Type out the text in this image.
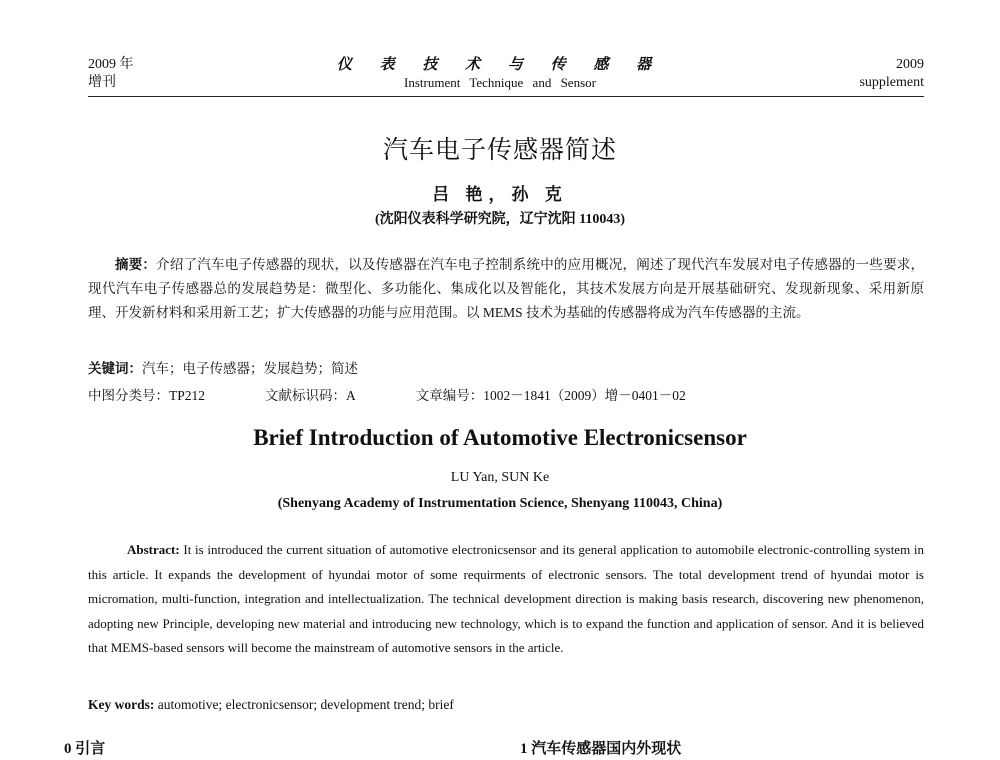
2009 年
增刊
仪 表 技 术 与 传 感 器
Instrument Technique and Sensor
2009
supplement
汽车电子传感器简述
吕 艳，孙 克
(沈阳仪表科学研究院，辽宁沈阳 110043)
摘要：介绍了汽车电子传感器的现状，以及传感器在汽车电子控制系统中的应用概况，阐述了现代汽车发展对电子传感器的一些要求，现代汽车电子传感器总的发展趋势是：微型化、多功能化、集成化以及智能化，其技术发展方向是开展基础研究、发现新现象、采用新原理、开发新材料和采用新工艺；扩大传感器的功能与应用范围。以 MEMS 技术为基础的传感器将成为汽车传感器的主流。
关键词：汽车；电子传感器；发展趋势；简述
中图分类号：TP212	文献标识码：A	文章编号：1002－1841（2009）增－0401－02
Brief Introduction of Automotive Electronicsensor
LU Yan, SUN Ke
(Shenyang Academy of Instrumentation Science, Shenyang 110043, China)
Abstract: It is introduced the current situation of automotive electronicsensor and its general application to automobile electronic-controlling system in this article. It expands the development of hyundai motor of some requirments of electronic sensors. The total development trend of hyundai motor is micromation, multi-function, integration and intellectualization. The technical development direction is making basis research, discovering new phenomenon, adopting new Principle, developing new material and introducing new technology, which is to expand the function and application of sensor. And it is believed that MEMS-based sensors will become the mainstream of automotive sensors in the article.
Key words: automotive; electronicsensor; development trend; brief
0 引言	1 汽车传感器国内外现状
